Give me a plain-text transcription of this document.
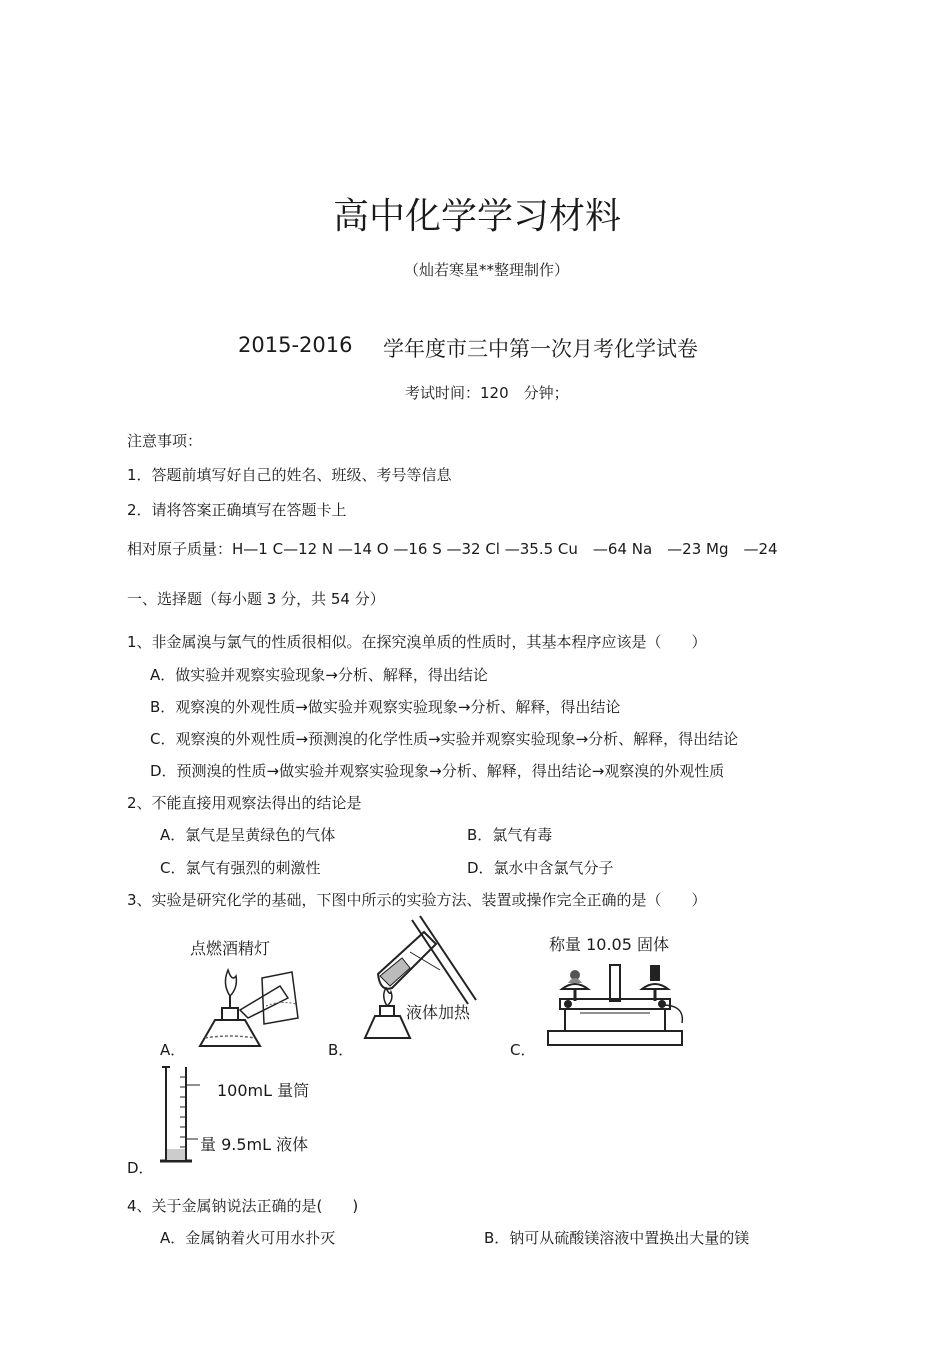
高中化学学习材料
（灿若寒星**整理制作）
2015-2016 学年度市三中第一次月考化学试卷
考试时间：120　分钟；
注意事项：
1．答题前填写好自己的姓名、班级、考号等信息
2．请将答案正确填写在答题卡上
相对原子质量：H—1 C—12 N —14 O —16 S —32 Cl —35.5 Cu　—64 Na　—23 Mg　—24
一、选择题（每小题 3 分，共 54 分）
1、非金属溴与氯气的性质很相似。在探究溴单质的性质时，其基本程序应该是（　　）
A．做实验并观察实验现象→分析、解释，得出结论
B．观察溴的外观性质→做实验并观察实验现象→分析、解释，得出结论
C．观察溴的外观性质→预测溴的化学性质→实验并观察实验现象→分析、解释，得出结论
D．预测溴的性质→做实验并观察实验现象→分析、解释，得出结论→观察溴的外观性质
2、不能直接用观察法得出的结论是
A．氯气是呈黄绿色的气体	B．氯气有毒
C．氯气有强烈的刺激性	D．氯水中含氯气分子
3、实验是研究化学的基础，下图中所示的实验方法、装置或操作完全正确的是（　　）
点燃酒精灯
A．
液体加热
B．
称量 10.05 固体
C．
100mL 量筒
量 9.5mL 液体
D．
4、关于金属钠说法正确的是(　　)
A．金属钠着火可用水扑灭	B．钠可从硫酸镁溶液中置换出大量的镁
